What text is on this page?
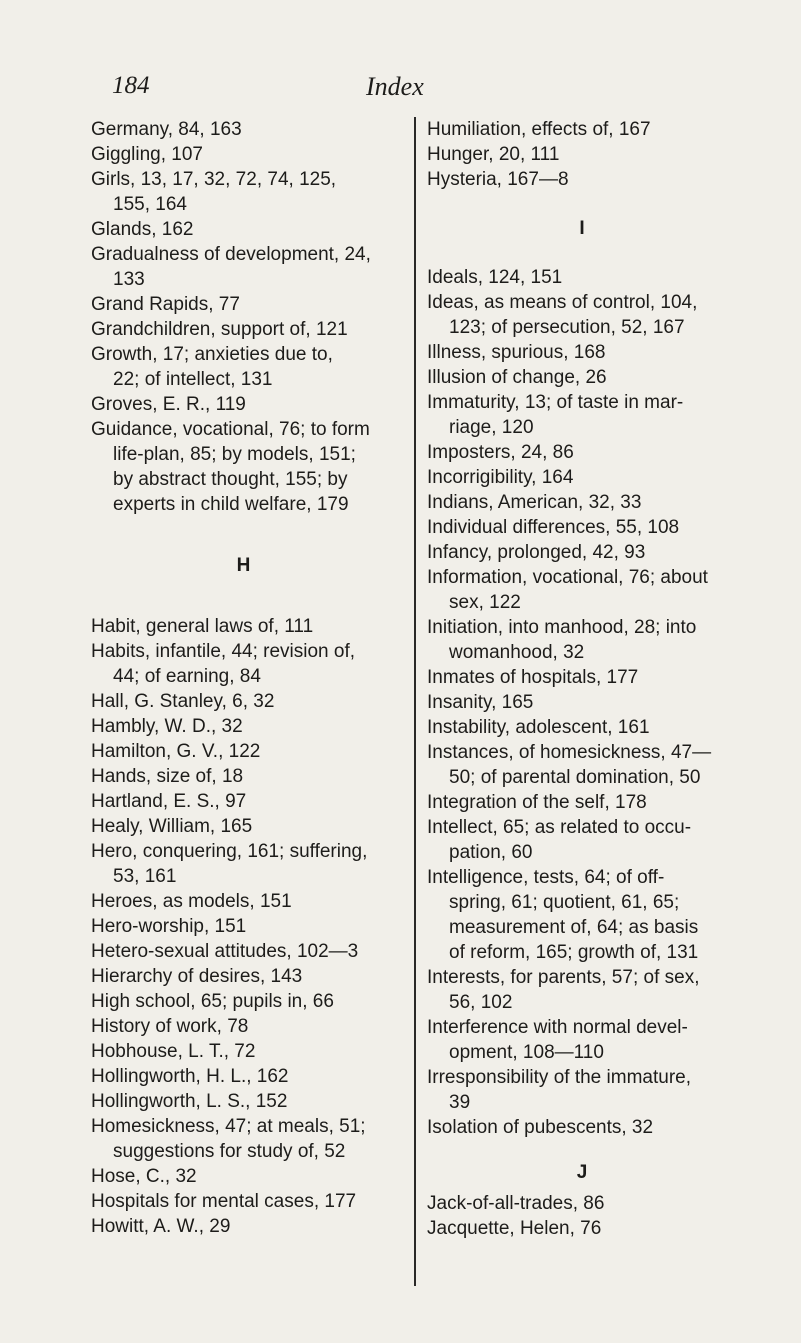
184	Index
Germany, 84, 163
Giggling, 107
Girls, 13, 17, 32, 72, 74, 125,
155, 164
Glands, 162
Gradualness of development, 24,
133
Grand Rapids, 77
Grandchildren, support of, 121
Growth, 17; anxieties due to,
22; of intellect, 131
Groves, E. R., 119
Guidance, vocational, 76; to form
life-plan, 85; by models, 151;
by abstract thought, 155; by
experts in child welfare, 179
H
Habit, general laws of, 111
Habits, infantile, 44; revision of,
44; of earning, 84
Hall, G. Stanley, 6, 32
Hambly, W. D., 32
Hamilton, G. V., 122
Hands, size of, 18
Hartland, E. S., 97
Healy, William, 165
Hero, conquering, 161; suffering,
53, 161
Heroes, as models, 151
Hero-worship, 151
Hetero-sexual attitudes, 102—3
Hierarchy of desires, 143
High school, 65; pupils in, 66
History of work, 78
Hobhouse, L. T., 72
Hollingworth, H. L., 162
Hollingworth, L. S., 152
Homesickness, 47; at meals, 51;
suggestions for study of, 52
Hose, C., 32
Hospitals for mental cases, 177
Howitt, A. W., 29
Humiliation, effects of, 167
Hunger, 20, 111
Hysteria, 167—8
I
Ideals, 124, 151
Ideas, as means of control, 104,
123; of persecution, 52, 167
Illness, spurious, 168
Illusion of change, 26
Immaturity, 13; of taste in mar-
riage, 120
Imposters, 24, 86
Incorrigibility, 164
Indians, American, 32, 33
Individual differences, 55, 108
Infancy, prolonged, 42, 93
Information, vocational, 76; about
sex, 122
Initiation, into manhood, 28; into
womanhood, 32
Inmates of hospitals, 177
Insanity, 165
Instability, adolescent, 161
Instances, of homesickness, 47—
50; of parental domination, 50
Integration of the self, 178
Intellect, 65; as related to occu-
pation, 60
Intelligence, tests, 64; of off-
spring, 61; quotient, 61, 65;
measurement of, 64; as basis
of reform, 165; growth of, 131
Interests, for parents, 57; of sex,
56, 102
Interference with normal devel-
opment, 108—110
Irresponsibility of the immature,
39
Isolation of pubescents, 32
J
Jack-of-all-trades, 86
Jacquette, Helen, 76
